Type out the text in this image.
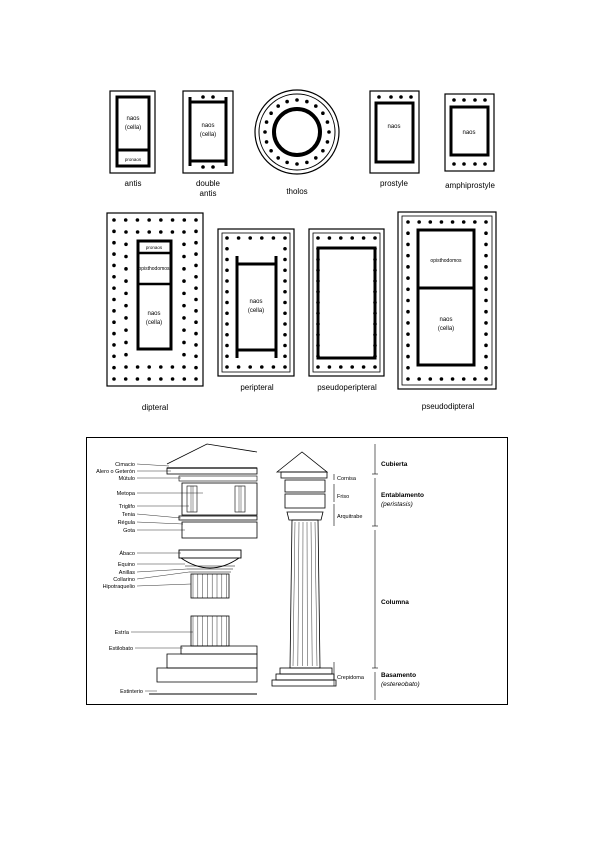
naos
(cella)
pronaos
antis
naos
(cella)
double
antis	tholos
naos
prostyle
naos
amphiprostyle
pronaos
opisthodomos
naos
(cella)
dipteral
naos
(cella)
peripteral	pseudoperipteral
opisthodomos
naos
(cella)
pseudodipteral
Cimacio
Alero o Geterón
Mútulo
Metopa
Triglifo
Tenia
Régula
Gota
Ábaco
Equino
Anillas
Collarino
Hipotraquelio
Estría
Estilobato
Estinterio
Cornisa
Friso
Arquitrabe
Crepidoma
Cubierta
Entablamento
(peristasis)
Columna
Basamento
(estereobato)
